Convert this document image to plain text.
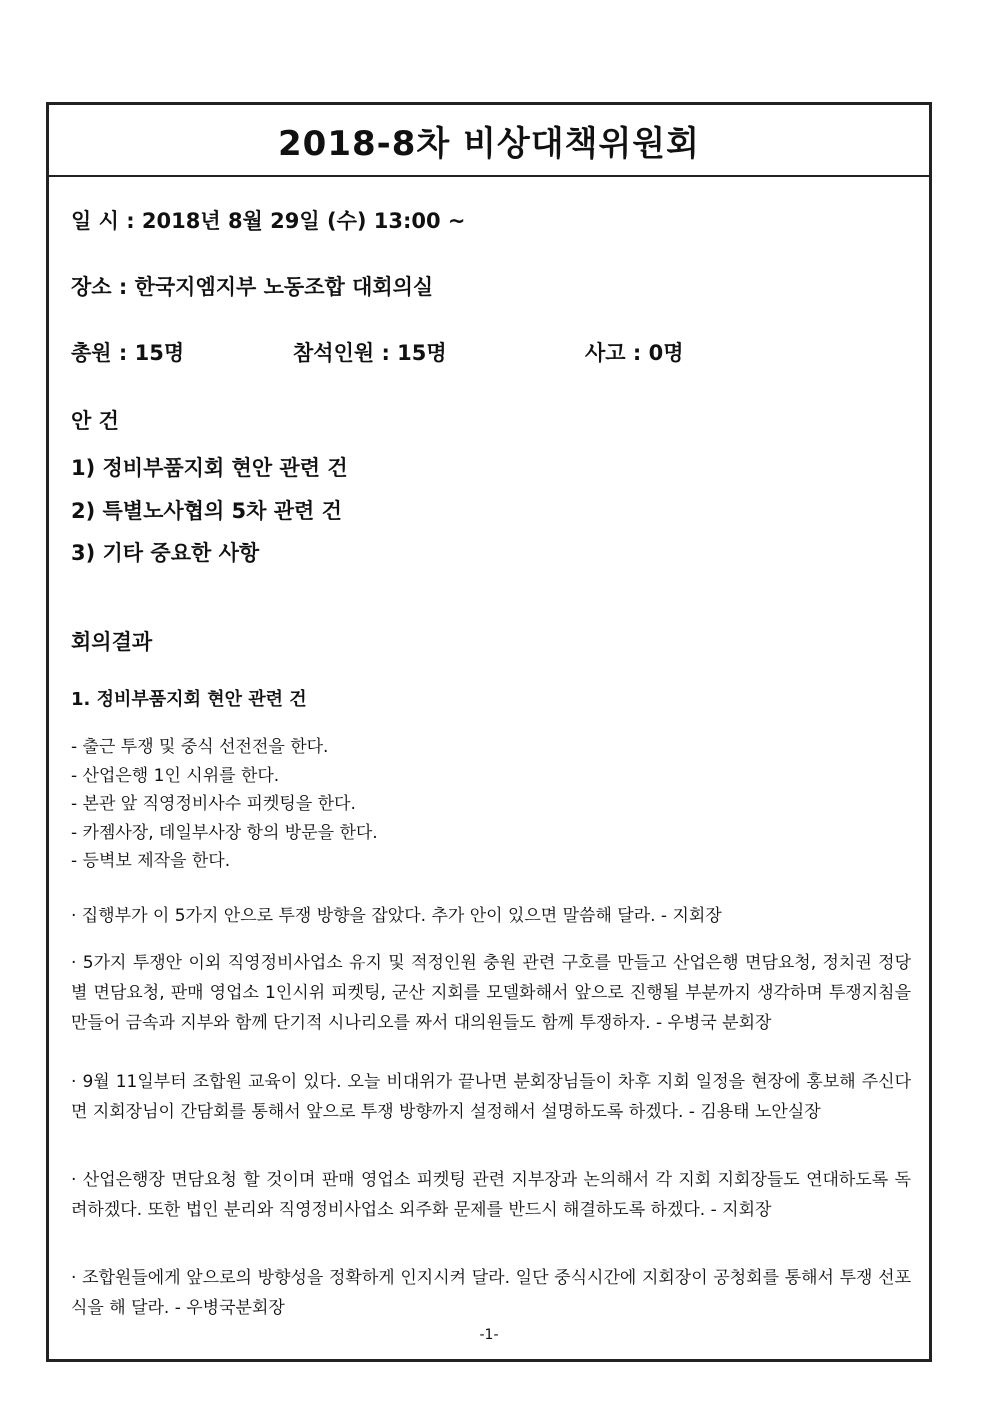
2018-8차 비상대책위원회

일 시 : 2018년 8월 29일 (수) 13:00 ~

장소 : 한국지엠지부 노동조합 대회의실

총원 : 15명	참석인원 : 15명	사고 : 0명

안 건

1) 정비부품지회 현안 관련 건

2) 특별노사협의 5차 관련 건

3) 기타 중요한 사항

회의결과

1. 정비부품지회 현안 관련 건

- 출근 투쟁 및 중식 선전전을 한다.
- 산업은행 1인 시위를 한다.
- 본관 앞 직영정비사수 피켓팅을 한다.
- 카젬사장, 데일부사장 항의 방문을 한다.
- 등벽보 제작을 한다.

· 집행부가 이 5가지 안으로 투쟁 방향을 잡았다. 추가 안이 있으면 말씀해 달라. - 지회장

· 5가지 투쟁안 이외 직영정비사업소 유지 및 적정인원 충원 관련 구호를 만들고 산업은행 면담요청, 정치권 정당별 면담요청, 판매 영업소 1인시위 피켓팅, 군산 지회를 모델화해서 앞으로 진행될 부분까지 생각하며 투쟁지침을 만들어 금속과 지부와 함께 단기적 시나리오를 짜서 대의원들도 함께 투쟁하자. - 우병국 분회장

· 9월 11일부터 조합원 교육이 있다. 오늘 비대위가 끝나면 분회장님들이 차후 지회 일정을 현장에 홍보해 주신다면 지회장님이 간담회를 통해서 앞으로 투쟁 방향까지 설정해서 설명하도록 하겠다. - 김용태 노안실장

· 산업은행장 면담요청 할 것이며 판매 영업소 피켓팅 관련 지부장과 논의해서 각 지회 지회장들도 연대하도록 독려하겠다. 또한 법인 분리와 직영정비사업소 외주화 문제를 반드시 해결하도록 하겠다. - 지회장

· 조합원들에게 앞으로의 방향성을 정확하게 인지시켜 달라. 일단 중식시간에 지회장이 공청회를 통해서 투쟁 선포식을 해 달라. - 우병국분회장

-1-
